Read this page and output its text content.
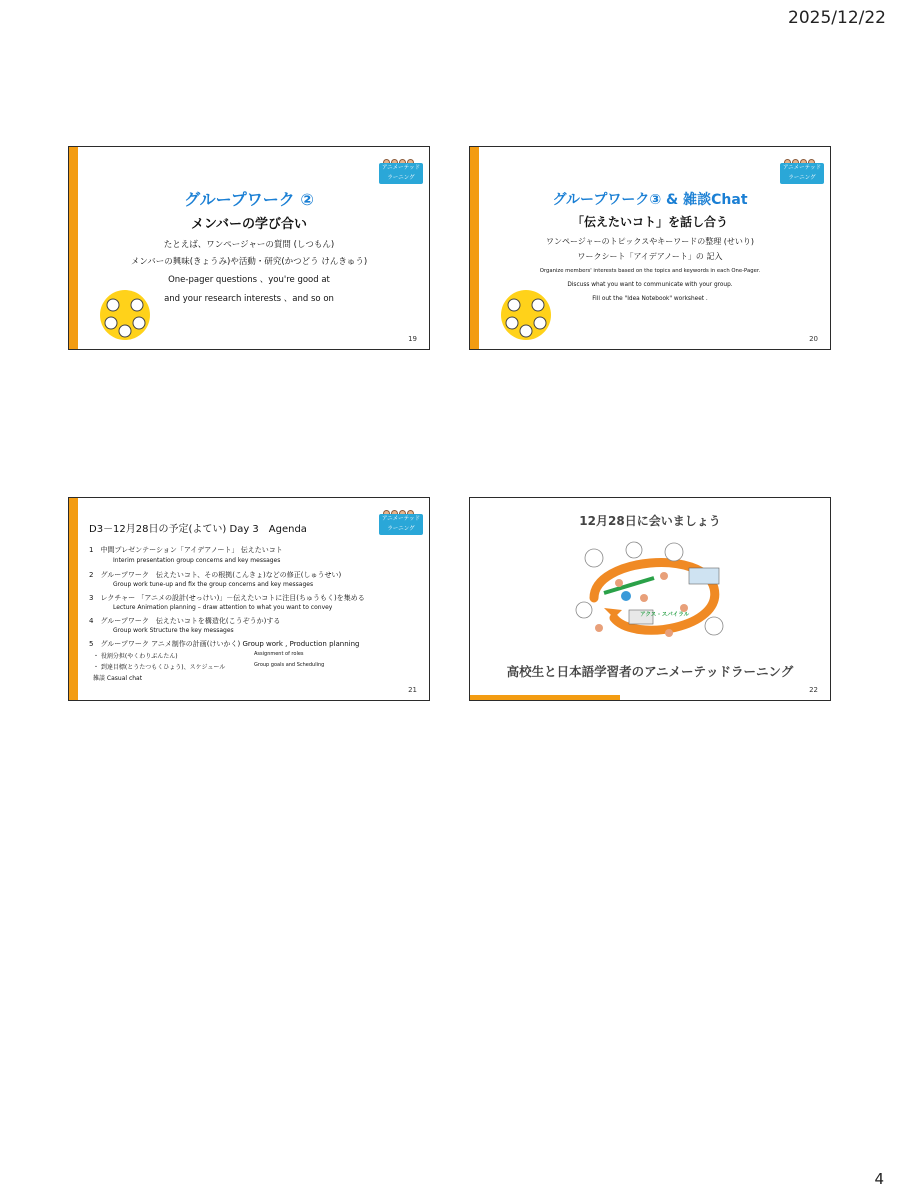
2025/12/22
アニメーテッド
ラーニング
グループワーク ②
メンバーの学び合い
たとえば、ワンページャーの質問 (しつもん)
メンバーの興味(きょうみ)や活動・研究(かつどう けんきゅう)
One-pager questions 、you're good at
and your research interests 、and so on
19
アニメーテッド
ラーニング
グループワーク③ & 雑談Chat
「伝えたいコト」を話し合う
ワンページャーのトピックスやキーワードの整理 (せいり)
ワークシート「アイデアノート」の 記入
Organize members' interests based on the topics and keywords in each One-Pager.
Discuss what you want to communicate with your group.
Fill out the "Idea Notebook" worksheet .
20
アニメーテッド
ラーニング
D3－12月28日の予定(よてい) Day 3　Agenda
1　中間プレゼンテーション「アイデアノート」 伝えたいコト
Interim presentation group concerns and key messages
2　グループワーク　伝えたいコト、その根拠(こんきょ)などの修正(しゅうせい)
Group work tune-up and fix the group concerns and key messages
3　レクチャー 「アニメの設計(せっけい)」－伝えたいコトに注目(ちゅうもく)を集める
Lecture Animation planning – draw attention to what you want to convey
4　グループワーク　伝えたいコトを構造化(こうぞうか)する
Group work Structure the key messages
5　グループワーク アニメ制作の計画(けいかく) Group work , Production planning
・ 役割分担(やくわりぶんたん)	Assignment of roles
・ 到達目標(とうたつもくひょう)、スケジュール	Group goals and Scheduling
雑談 Casual chat
21
12月28日に会いましょう
アクス・スパイラル
高校生と日本語学習者のアニメーテッドラーニング
22
4
